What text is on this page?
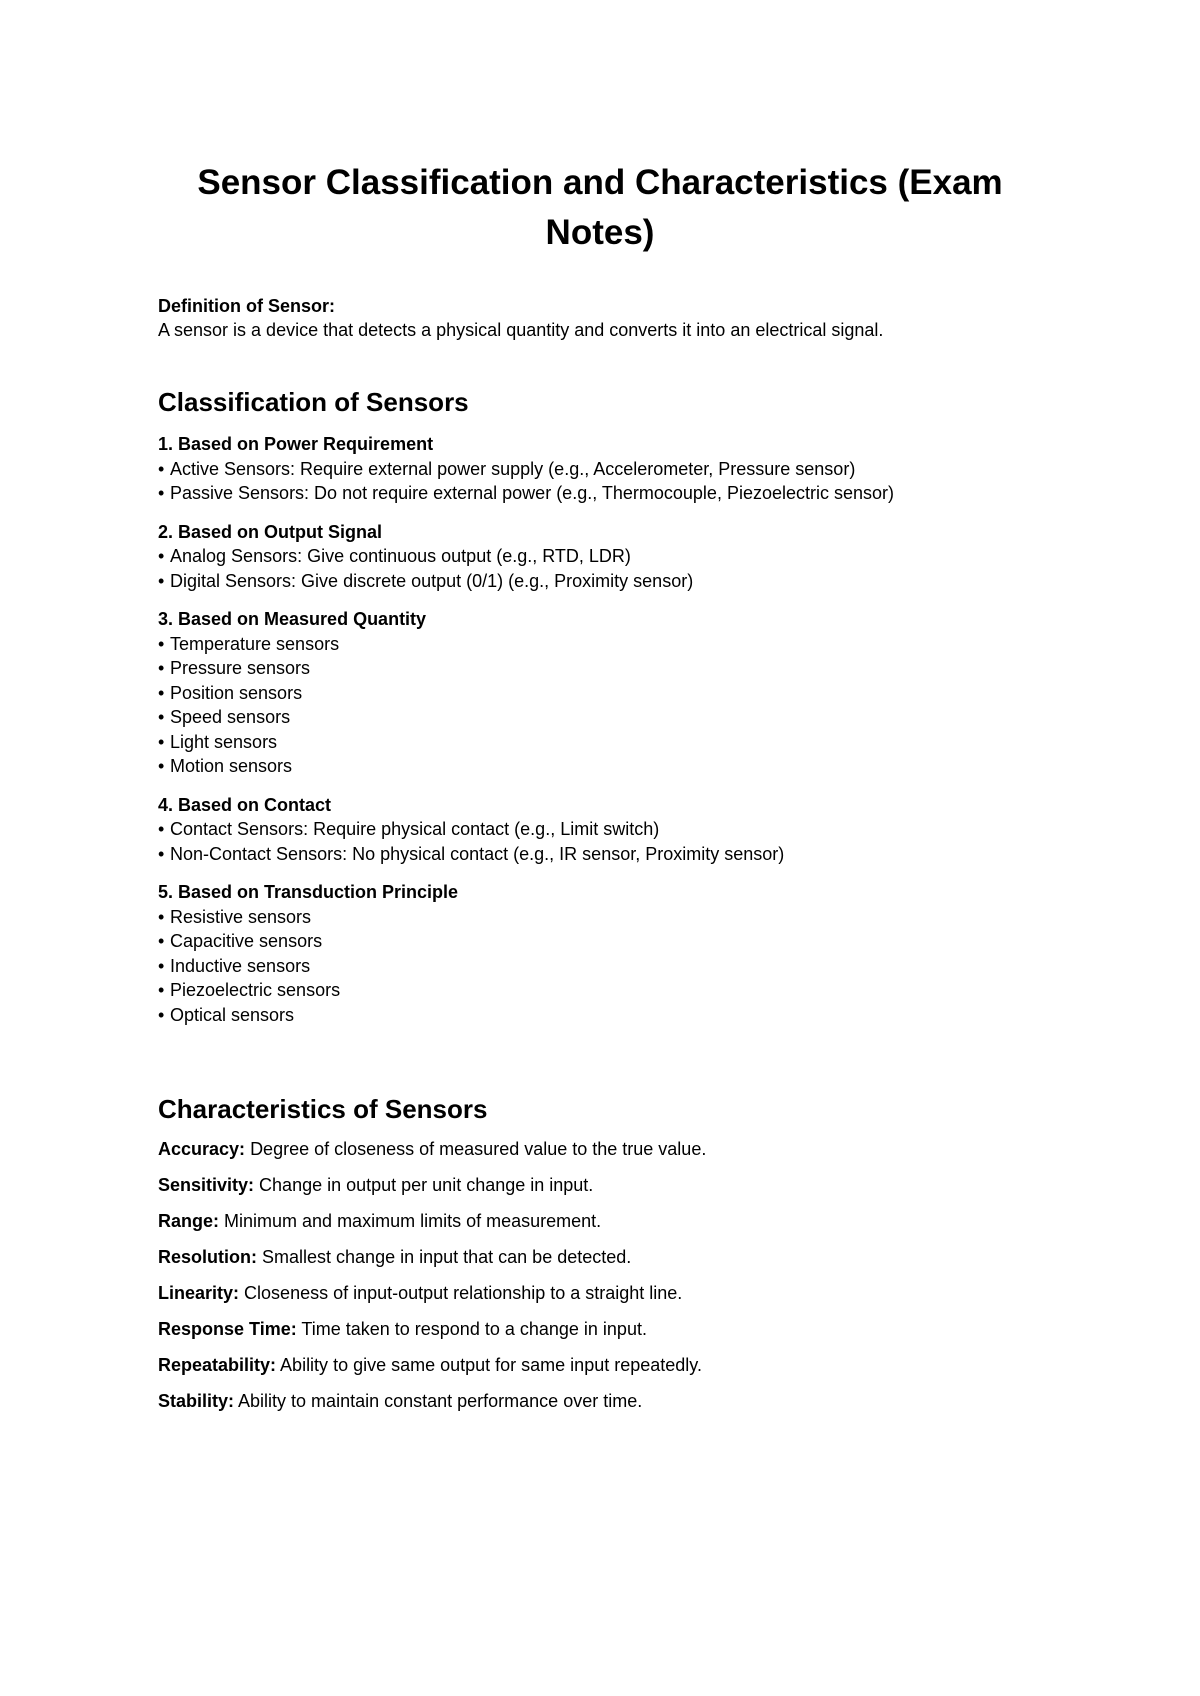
Sensor Classification and Characteristics (Exam Notes)
Definition of Sensor:
A sensor is a device that detects a physical quantity and converts it into an electrical signal.
Classification of Sensors
1. Based on Power Requirement
• Active Sensors: Require external power supply (e.g., Accelerometer, Pressure sensor)
• Passive Sensors: Do not require external power (e.g., Thermocouple, Piezoelectric sensor)
2. Based on Output Signal
• Analog Sensors: Give continuous output (e.g., RTD, LDR)
• Digital Sensors: Give discrete output (0/1) (e.g., Proximity sensor)
3. Based on Measured Quantity
• Temperature sensors
• Pressure sensors
• Position sensors
• Speed sensors
• Light sensors
• Motion sensors
4. Based on Contact
• Contact Sensors: Require physical contact (e.g., Limit switch)
• Non-Contact Sensors: No physical contact (e.g., IR sensor, Proximity sensor)
5. Based on Transduction Principle
• Resistive sensors
• Capacitive sensors
• Inductive sensors
• Piezoelectric sensors
• Optical sensors
Characteristics of Sensors
Accuracy: Degree of closeness of measured value to the true value.
Sensitivity: Change in output per unit change in input.
Range: Minimum and maximum limits of measurement.
Resolution: Smallest change in input that can be detected.
Linearity: Closeness of input-output relationship to a straight line.
Response Time: Time taken to respond to a change in input.
Repeatability: Ability to give same output for same input repeatedly.
Stability: Ability to maintain constant performance over time.
